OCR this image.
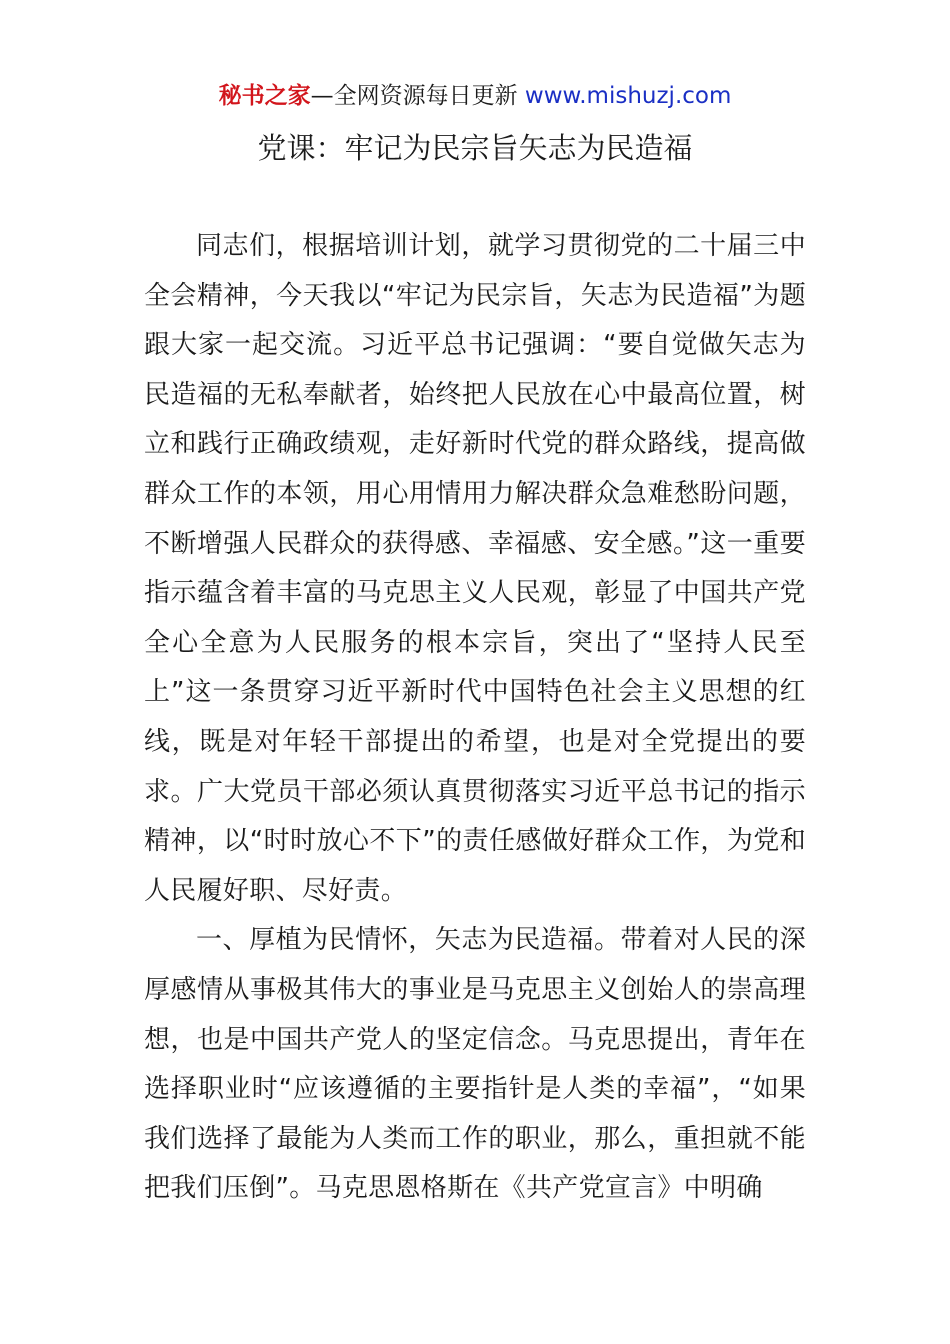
秘书之家—全网资源每日更新 www.mishuzj.com
党课：牢记为民宗旨矢志为民造福

同志们，根据培训计划，就学习贯彻党的二十届三中全会精神，今天我以“牢记为民宗旨，矢志为民造福”为题跟大家一起交流。习近平总书记强调：“要自觉做矢志为民造福的无私奉献者，始终把人民放在心中最高位置，树立和践行正确政绩观，走好新时代党的群众路线，提高做群众工作的本领，用心用情用力解决群众急难愁盼问题，不断增强人民群众的获得感、幸福感、安全感。”这一重要指示蕴含着丰富的马克思主义人民观，彰显了中国共产党全心全意为人民服务的根本宗旨，突出了“坚持人民至上”这一条贯穿习近平新时代中国特色社会主义思想的红线，既是对年轻干部提出的希望，也是对全党提出的要求。广大党员干部必须认真贯彻落实习近平总书记的指示精神，以“时时放心不下”的责任感做好群众工作，为党和人民履好职、尽好责。

一、厚植为民情怀，矢志为民造福。带着对人民的深厚感情从事极其伟大的事业是马克思主义创始人的崇高理想，也是中国共产党人的坚定信念。马克思提出，青年在选择职业时“应该遵循的主要指针是人类的幸福”，“如果我们选择了最能为人类而工作的职业，那么，重担就不能把我们压倒”。马克思恩格斯在《共产党宣言》中明确
